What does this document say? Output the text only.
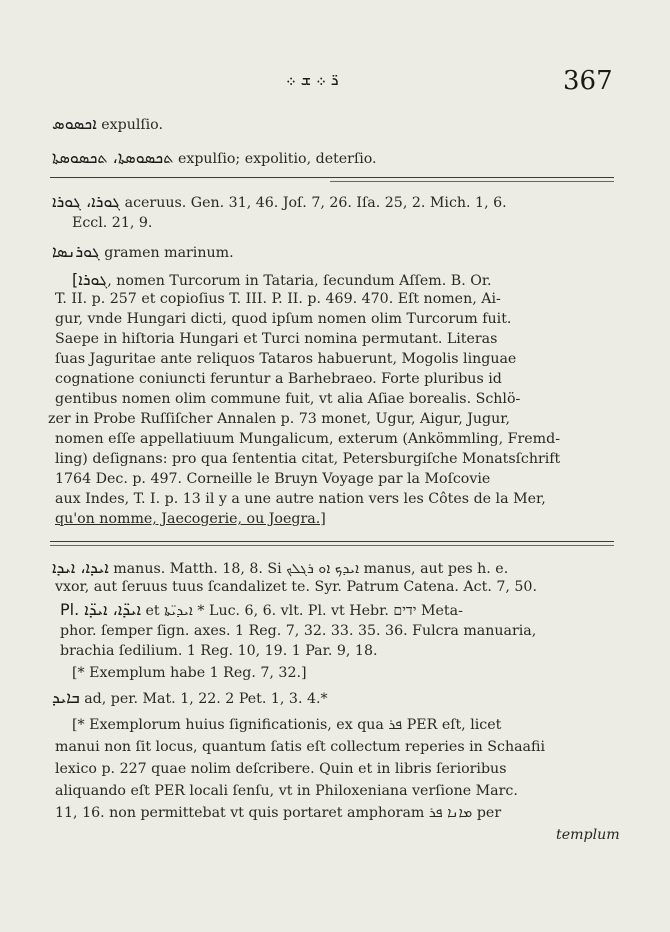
ܪ̈ ܀ ܫ ܀	367
ܐܟܣܘܣ expulſio.
ܬܟܣܘܣܬܐ، ܬܟܣܘܣܬܐ expulſio; expolitio, deterſio.
ܓܘܪܐ، ܓܘܪܐ aceruus. Gen. 31, 46. Joſ. 7, 26. Iſa. 25, 2. Mich. 1, 6.
Eccl. 21, 9.
ܓܘܪܢܣܐ gramen marinum.
[ܓܘܪܐ, nomen Turcorum in Tataria, ſecundum Aſſem. B. Or.
T. II. p. 257 et copioſius T. III. P. II. p. 469. 470. Eſt nomen, Ai-
gur, vnde Hungari dicti, quod ipſum nomen olim Turcorum fuit.
Saepe in hiſtoria Hungari et Turci nomina permutant. Literas
ſuas Jaguritae ante reliquos Tataros habuerunt, Mogolis linguae
cognatione coniuncti feruntur a Barhebraeo. Forte pluribus id
gentibus nomen olim commune fuit, vt alia Aſiae borealis. Schlö-
zer in Probe Ruſſiſcher Annalen p. 73 monet, Ugur, Aigur, Jugur,
nomen eſſe appellatiuum Mungalicum, exterum (Ankömmling, Fremd-
ling) deſignans: pro qua ſententia citat, Petersburgiſche Monatsſchrift
1764 Dec. p. 497. Corneille le Bruyn Voyage par la Moſcovie
aux Indes, T. I. p. 13 il y a une autre nation vers les Côtes de la Mer,
qu'on nomme, Jaecogerie, ou Joegra.]
ܐܝܕܐ، ܐܝܕܐ manus. Matth. 18, 8. Si ܐܝܕܟ ܐܘ ܪܓܠܟ manus, aut pes h. e.
vxor, aut ſeruus tuus ſcandalizet te. Syr. Patrum Catena. Act. 7, 50.
Pl. ܐܝܕ̈ܐ، ܐܝܕ̈ܐ et ܐܝܕܝ̈ܬܐ * Luc. 6, 6. vlt. Pl. vt Hebr. ידים Meta-
phor. ſemper ſign. axes. 1 Reg. 7, 32. 33. 35. 36. Fulcra manuaria,
brachia ſedilium. 1 Reg. 10, 19. 1 Par. 9, 18.
[* Exemplum habe 1 Reg. 7, 32.]
ܒܐܝܕ ad, per. Mat. 1, 22. 2 Pet. 1, 3. 4.*
[* Exemplorum huius ſignificationis, ex qua ܦܪ PER eſt, licet
manui non ſit locus, quantum ſatis eſt collectum reperies in Schaafii
lexico p. 227 quae nolim deſcribere. Quin et in libris ſerioribus
aliquando eſt PER locali ſenſu, vt in Philoxeniana verſione Marc.
11, 16. non permittebat vt quis portaret amphoram ܡܐܢܐ ܦܪ per
templum
